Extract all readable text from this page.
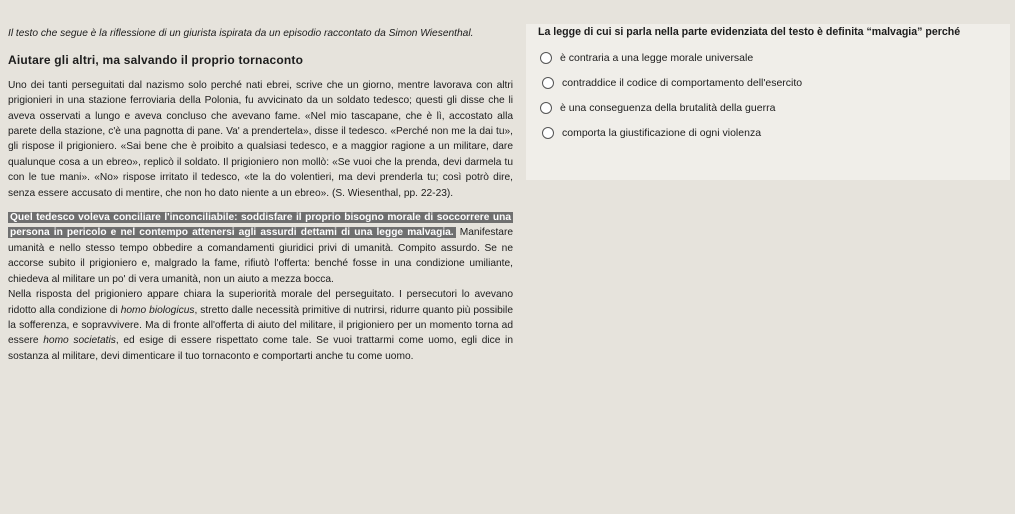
Il testo che segue è la riflessione di un giurista ispirata da un episodio raccontato da Simon Wiesenthal.

Aiutare gli altri, ma salvando il proprio tornaconto

Uno dei tanti perseguitati dal nazismo solo perché nati ebrei, scrive che un giorno, mentre lavorava con altri prigionieri in una stazione ferroviaria della Polonia, fu avvicinato da un soldato tedesco; questi gli disse che li aveva osservati a lungo e aveva concluso che avevano fame. «Nel mio tascapane, che è lì, accostato alla parete della stazione, c'è una pagnotta di pane. Va' a prendertela», disse il tedesco. «Perché non me la dai tu», gli rispose il prigioniero. «Sai bene che è proibito a qualsiasi tedesco, e a maggior ragione a un militare, dare qualunque cosa a un ebreo», replicò il soldato. Il prigioniero non mollò: «Se vuoi che la prenda, devi darmela tu con le tue mani». «No» rispose irritato il tedesco, «te la do volentieri, ma devi prenderla tu; così potrò dire, senza essere accusato di mentire, che non ho dato niente a un ebreo». (S. Wiesenthal, pp. 22-23).

Quel tedesco voleva conciliare l'inconciliabile: soddisfare il proprio bisogno morale di soccorrere una persona in pericolo e nel contempo attenersi agli assurdi dettami di una legge malvagia. Manifestare umanità e nello stesso tempo obbedire a comandamenti giuridici privi di umanità. Compito assurdo. Se ne accorse subito il prigioniero e, malgrado la fame, rifiutò l'offerta: benché fosse in una condizione umiliante, chiedeva al militare un po' di vera umanità, non un aiuto a mezza bocca.

Nella risposta del prigioniero appare chiara la superiorità morale del perseguitato. I persecutori lo avevano ridotto alla condizione di homo biologicus, stretto dalle necessità primitive di nutrirsi, ridurre quanto più possibile la sofferenza, e sopravvivere. Ma di fronte all'offerta di aiuto del militare, il prigioniero per un momento torna ad essere homo societatis, ed esige di essere rispettato come tale. Se vuoi trattarmi come uomo, egli dice in sostanza al militare, devi dimenticare il tuo tornaconto e comportarti anche tu come uomo.

La legge di cui si parla nella parte evidenziata del testo è definita “malvagia” perché

è contraria a una legge morale universale
contraddice il codice di comportamento dell'esercito
è una conseguenza della brutalità della guerra
comporta la giustificazione di ogni violenza
